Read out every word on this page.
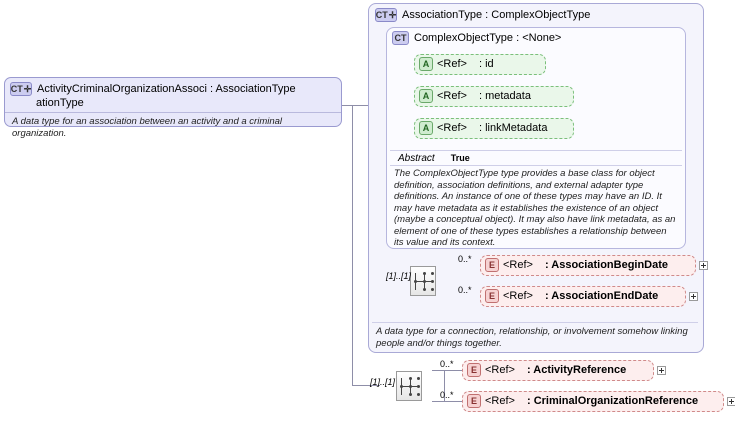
CT ✛ ActivityCriminalOrganizationAssoci : AssociationType
ationType
A data type for an association between an activity and a criminal organization.
CT ✛ AssociationType : ComplexObjectType
A data type for a connection, relationship, or involvement somehow linking people and/or things together.
CT ComplexObjectType : <None>
A <Ref> : id
A <Ref> : metadata
A <Ref> : linkMetadata
Abstract True
The ComplexObjectType type provides a base class for object definition, association definitions, and external adapter type definitions. An instance of one of these types may have an ID. It may have metadata as it establishes the existence of an object (maybe a conceptual object). It may also have link metadata, as an element of one of these types establishes a relationship between its value and its context.
[1]..[1]
0..*
E <Ref> : AssociationBeginDate
0..*
E <Ref> : AssociationEndDate
[1]..[1]
0..*
E <Ref> : ActivityReference
0..*
E <Ref> : CriminalOrganizationReference
